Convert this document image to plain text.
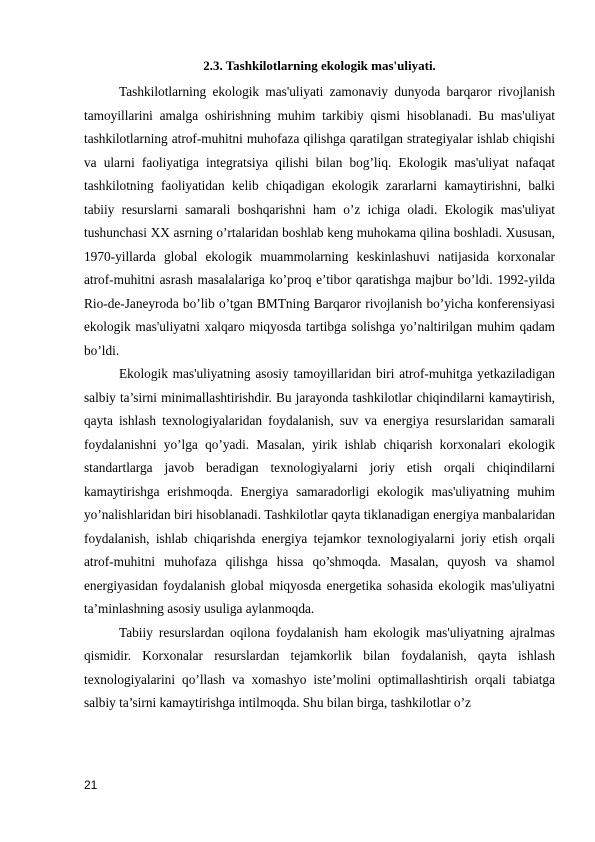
2.3. Tashkilotlarning ekologik mas'uliyati.

Tashkilotlarning ekologik mas'uliyati zamonaviy dunyoda barqaror rivojlanish tamoyillarini amalga oshirishning muhim tarkibiy qismi hisoblanadi. Bu mas'uliyat tashkilotlarning atrof-muhitni muhofaza qilishga qaratilgan strategiyalar ishlab chiqishi va ularni faoliyatiga integratsiya qilishi bilan bog’liq. Ekologik mas'uliyat nafaqat tashkilotning faoliyatidan kelib chiqadigan ekologik zararlarni kamaytirishni, balki tabiiy resurslarni samarali boshqarishni ham o’z ichiga oladi. Ekologik mas'uliyat tushunchasi XX asrning o’rtalaridan boshlab keng muhokama qilina boshladi. Xususan, 1970-yillarda global ekologik muammolarning keskinlashuvi natijasida korxonalar atrof-muhitni asrash masalalariga ko’proq e’tibor qaratishga majbur bo’ldi. 1992-yilda Rio-de-Janeyroda bo’lib o’tgan BMTning Barqaror rivojlanish bo’yicha konferensiyasi ekologik mas'uliyatni xalqaro miqyosda tartibga solishga yo’naltirilgan muhim qadam bo’ldi.

Ekologik mas'uliyatning asosiy tamoyillaridan biri atrof-muhitga yetkaziladigan salbiy ta’sirni minimallashtirishdir. Bu jarayonda tashkilotlar chiqindilarni kamaytirish, qayta ishlash texnologiyalaridan foydalanish, suv va energiya resurslaridan samarali foydalanishni yo’lga qo’yadi. Masalan, yirik ishlab chiqarish korxonalari ekologik standartlarga javob beradigan texnologiyalarni joriy etish orqali chiqindilarni kamaytirishga erishmoqda. Energiya samaradorligi ekologik mas'uliyatning muhim yo’nalishlaridan biri hisoblanadi. Tashkilotlar qayta tiklanadigan energiya manbalaridan foydalanish, ishlab chiqarishda energiya tejamkor texnologiyalarni joriy etish orqali atrof-muhitni muhofaza qilishga hissa qo’shmoqda. Masalan, quyosh va shamol energiyasidan foydalanish global miqyosda energetika sohasida ekologik mas'uliyatni ta’minlashning asosiy usuliga aylanmoqda.

Tabiiy resurslardan oqilona foydalanish ham ekologik mas'uliyatning ajralmas qismidir. Korxonalar resurslardan tejamkorlik bilan foydalanish, qayta ishlash texnologiyalarini qo’llash va xomashyo iste’molini optimallashtirish orqali tabiatga salbiy ta’sirni kamaytirishga intilmoqda. Shu bilan birga, tashkilotlar o’z

21
